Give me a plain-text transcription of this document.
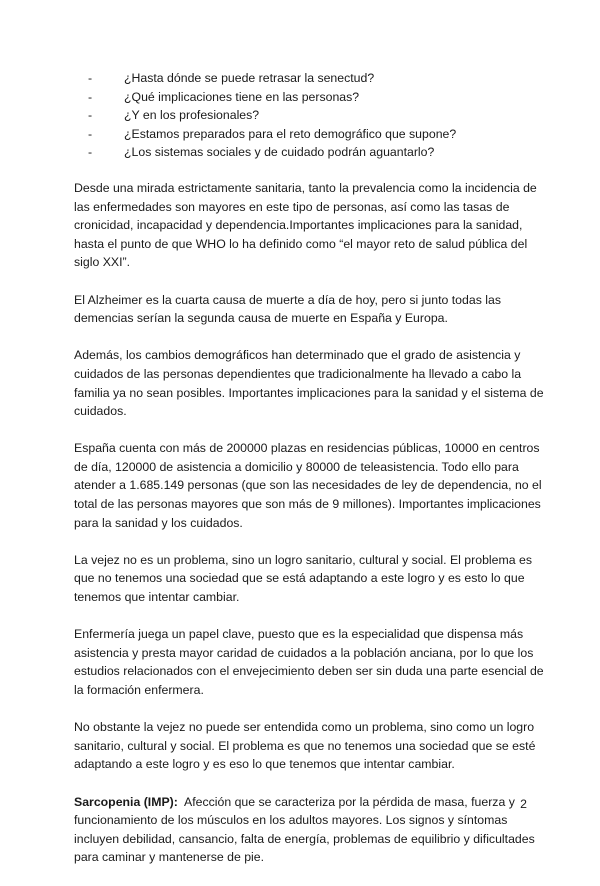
-	¿Hasta dónde se puede retrasar la senectud?
-	¿Qué implicaciones tiene en las personas?
-	¿Y en los profesionales?
-	¿Estamos preparados para el reto demográfico que supone?
-	¿Los sistemas sociales y de cuidado podrán aguantarlo?

Desde una mirada estrictamente sanitaria, tanto la prevalencia como la incidencia de las enfermedades son mayores en este tipo de personas, así como las tasas de cronicidad, incapacidad y dependencia.Importantes implicaciones para la sanidad, hasta el punto de que WHO lo ha definido como “el mayor reto de salud pública del siglo XXI”.

El Alzheimer es la cuarta causa de muerte a día de hoy, pero si junto todas las demencias serían la segunda causa de muerte en España y Europa.

Además, los cambios demográficos han determinado que el grado de asistencia y cuidados de las personas dependientes que tradicionalmente ha llevado a cabo la familia ya no sean posibles. Importantes implicaciones para la sanidad y el sistema de cuidados.

España cuenta con más de 200000 plazas en residencias públicas, 10000 en centros de día, 120000 de asistencia a domicilio y 80000 de teleasistencia. Todo ello para atender a 1.685.149 personas (que son las necesidades de ley de dependencia, no el total de las personas mayores que son más de 9 millones). Importantes implicaciones para la sanidad y los cuidados.

La vejez no es un problema, sino un logro sanitario, cultural y social. El problema es que no tenemos una sociedad que se está adaptando a este logro y es esto lo que tenemos que intentar cambiar.

Enfermería juega un papel clave, puesto que es la especialidad que dispensa más asistencia y presta mayor caridad de cuidados a la población anciana, por lo que los estudios relacionados con el envejecimiento deben ser sin duda una parte esencial de la formación enfermera.

No obstante la vejez no puede ser entendida como un problema, sino como un logro sanitario, cultural y social. El problema es que no tenemos una sociedad que se esté adaptando a este logro y es eso lo que tenemos que intentar cambiar.

Sarcopenia (IMP): Afección que se caracteriza por la pérdida de masa, fuerza y funcionamiento de los músculos en los adultos mayores. Los signos y síntomas incluyen debilidad, cansancio, falta de energía, problemas de equilibrio y dificultades para caminar y mantenerse de pie.

2
